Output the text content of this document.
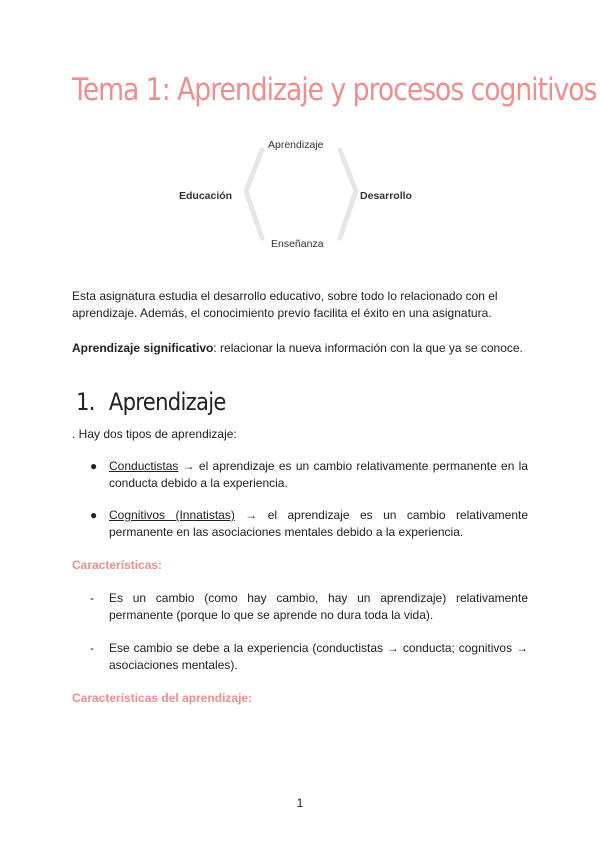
Tema 1: Aprendizaje y procesos cognitivos
Aprendizaje
Educación	Desarrollo
Enseñanza

Esta asignatura estudia el desarrollo educativo, sobre todo lo relacionado con el aprendizaje. Además, el conocimiento previo facilita el éxito en una asignatura.

Aprendizaje significativo: relacionar la nueva información con la que ya se conoce.

1. Aprendizaje

. Hay dos tipos de aprendizaje:

● Conductistas → el aprendizaje es un cambio relativamente permanente en la conducta debido a la experiencia.
● Cognitivos (Innatistas) → el aprendizaje es un cambio relativamente permanente en las asociaciones mentales debido a la experiencia.
Características:
- Es un cambio (como hay cambio, hay un aprendizaje) relativamente permanente (porque lo que se aprende no dura toda la vida).
- Ese cambio se debe a la experiencia (conductistas → conducta; cognitivos → asociaciones mentales).
Características del aprendizaje:
1
